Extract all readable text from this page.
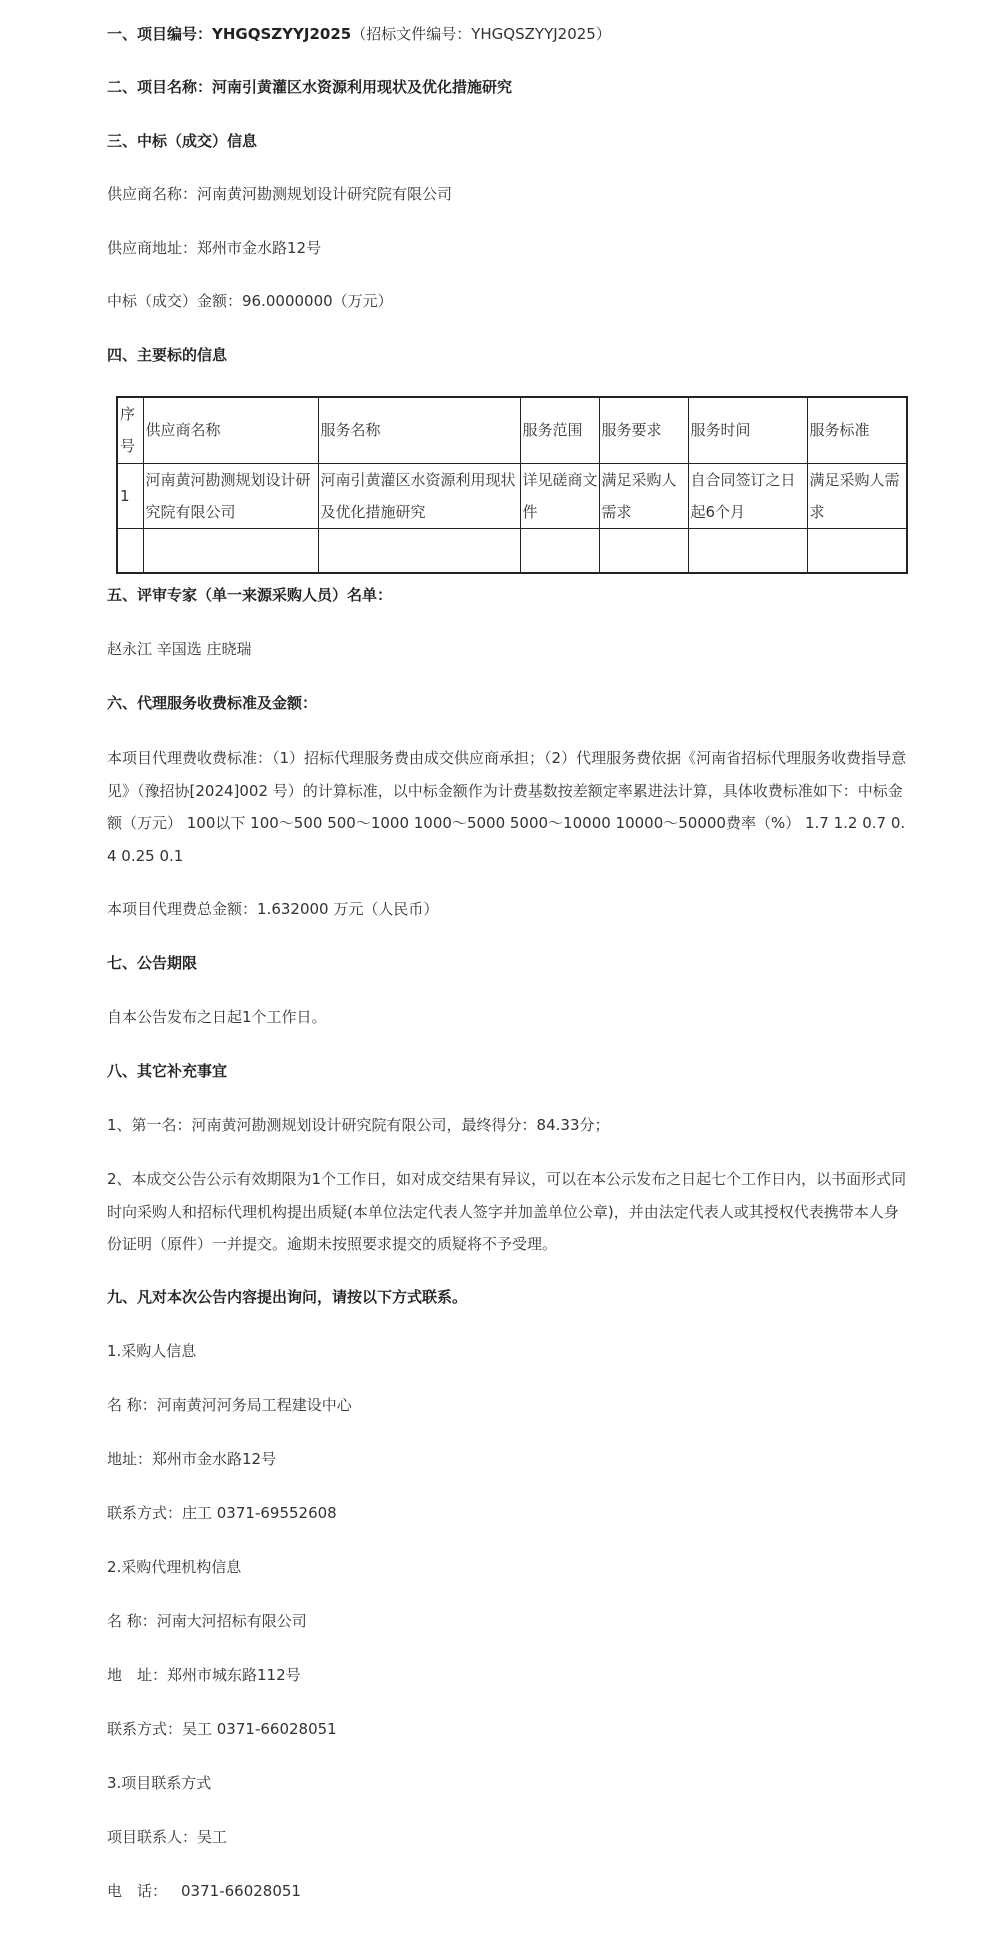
一、项目编号：YHGQSZYYJ2025（招标文件编号：YHGQSZYYJ2025）

二、项目名称：河南引黄灌区水资源利用现状及优化措施研究

三、中标（成交）信息

供应商名称：河南黄河勘测规划设计研究院有限公司

供应商地址：郑州市金水路12号

中标（成交）金额：96.0000000（万元）

四、主要标的信息

序号	供应商名称	服务名称	服务范围	服务要求	服务时间	服务标准
1	河南黄河勘测规划设计研究院有限公司	河南引黄灌区水资源利用现状及优化措施研究	详见磋商文件	满足采购人需求	自合同签订之日起6个月	满足采购人需求

五、评审专家（单一来源采购人员）名单：

赵永江 辛国选 庄晓瑞

六、代理服务收费标准及金额：

本项目代理费收费标准：（1）招标代理服务费由成交供应商承担；（2）代理服务费依据《河南省招标代理服务收费指导意见》（豫招协[2024]002 号）的计算标准，以中标金额作为计费基数按差额定率累进法计算，具体收费标准如下：中标金额（万元） 100以下 100～500 500～1000 1000～5000 5000～10000 10000～50000费率（%） 1.7 1.2 0.7 0.4 0.25 0.1

本项目代理费总金额：1.632000 万元（人民币）

七、公告期限

自本公告发布之日起1个工作日。

八、其它补充事宜

1、第一名：河南黄河勘测规划设计研究院有限公司，最终得分：84.33分；

2、本成交公告公示有效期限为1个工作日，如对成交结果有异议，可以在本公示发布之日起七个工作日内，以书面形式同时向采购人和招标代理机构提出质疑(本单位法定代表人签字并加盖单位公章)，并由法定代表人或其授权代表携带本人身份证明（原件）一并提交。逾期未按照要求提交的质疑将不予受理。

九、凡对本次公告内容提出询问，请按以下方式联系。

1.采购人信息

名 称：河南黄河河务局工程建设中心

地址：郑州市金水路12号

联系方式：庄工 0371-69552608

2.采购代理机构信息

名 称：河南大河招标有限公司

地　址：郑州市城东路112号

联系方式：吴工 0371-66028051

3.项目联系方式

项目联系人：吴工

电　话： 0371-66028051
